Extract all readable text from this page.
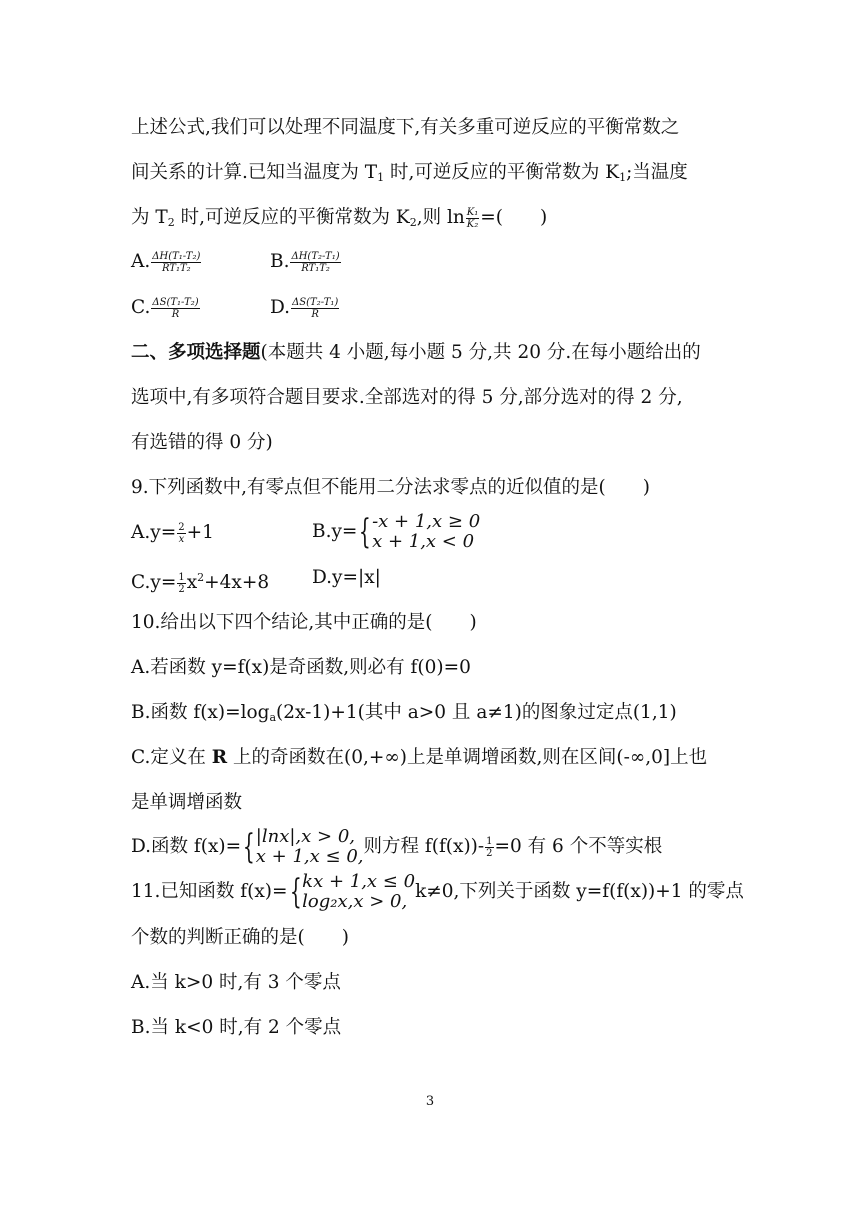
上述公式,我们可以处理不同温度下,有关多重可逆反应的平衡常数之
间关系的计算.已知当温度为 $T_1$ 时,可逆反应的平衡常数为 $K_1$;当温度
为 $T_2$ 时,可逆反应的平衡常数为 $K_2$,则 $\ln \frac{\text{K₁}}{\text{K₂}}$ =(　　)
A. $\frac{\text{ΔH(T₁-T₂)}}{\text{RT₁T₂}}$	B. $\frac{\text{ΔH(T₂-T₁)}}{\text{RT₁T₂}}$
C. $\frac{\text{ΔS(T₁-T₂)}}{R}$	D. $\frac{\text{ΔS(T₂-T₁)}}{R}$
二、多项选择题(本题共 4 小题,每小题 5 分,共 20 分.在每小题给出的
选项中,有多项符合题目要求.全部选对的得 5 分,部分选对的得 2 分,
有选错的得 0 分)
9.下列函数中,有零点但不能用二分法求零点的近似值的是(　　)
$A.y= \frac{2}{x} +1$	B.y={ -x + 1,x ≥ 0
x + 1,x < 0
$C.y= \frac{1}{2} x^2+4x+8$ D.y=|x|
10.给出以下四个结论,其中正确的是(　　)
A.若函数 y=f(x)是奇函数,则必有 f(0)=0
B.函数 $f(x)=\log_a(2x-1)+1$(其中 a>0 且 a≠1)的图象过定点(1,1)
C.定义在 R 上的奇函数在(0,+∞)上是单调增函数,则在区间(-∞,0]上也
是单调增函数
D.函数 f(x)={ |lnx|,x > 0,
x + 1,x ≤ 0, 则方程 $f(f(x))- \frac{1}{2} =0$ 有 6 个不等实根
11.已知函数 f(x)={ kx + 1,x ≤ 0
log₂x,x > 0, k≠0,下列关于函数 y=f(f(x))+1 的零点
个数的判断正确的是(　　)
A.当 k>0 时,有 3 个零点
B.当 k<0 时,有 2 个零点
3
